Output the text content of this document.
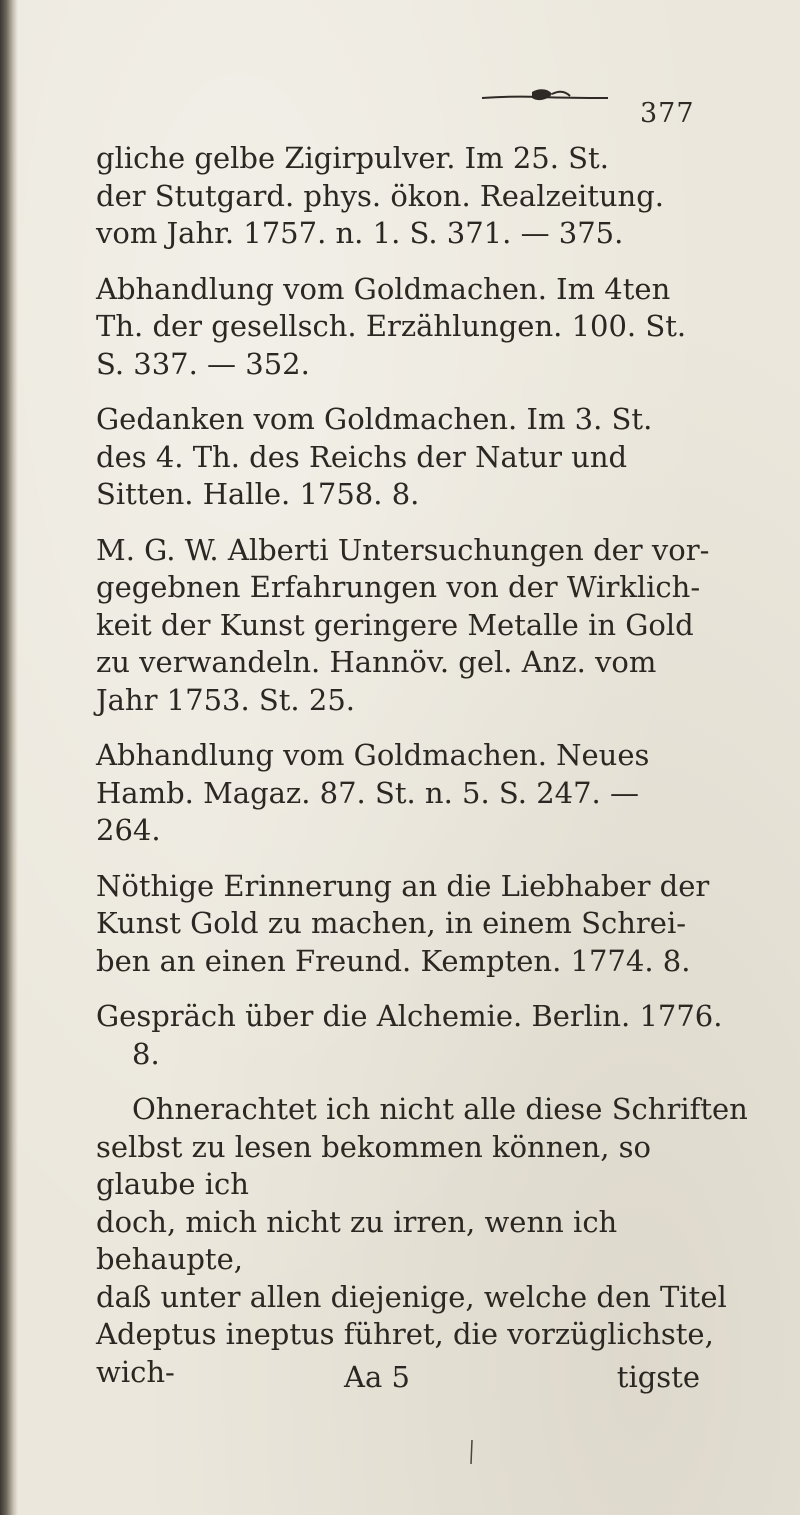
377
gliche gelbe Zigirpulver. Im 25. St.
der Stutgard. phys. ökon. Realzeitung.
vom Jahr. 1757. n. 1. S. 371. — 375.
Abhandlung vom Goldmachen. Im 4ten
Th. der gesellsch. Erzählungen. 100. St.
S. 337. — 352.
Gedanken vom Goldmachen. Im 3. St.
des 4. Th. des Reichs der Natur und
Sitten. Halle. 1758. 8.
M. G. W. Alberti Untersuchungen der vor-
gegebnen Erfahrungen von der Wirklich-
keit der Kunst geringere Metalle in Gold
zu verwandeln. Hannöv. gel. Anz. vom
Jahr 1753. St. 25.
Abhandlung vom Goldmachen. Neues
Hamb. Magaz. 87. St. n. 5. S. 247. —
264.
Nöthige Erinnerung an die Liebhaber der
Kunst Gold zu machen, in einem Schrei-
ben an einen Freund. Kempten. 1774. 8.
Gespräch über die Alchemie. Berlin. 1776. 8.
Ohnerachtet ich nicht alle diese Schriften
selbst zu lesen bekommen können, so glaube ich
doch, mich nicht zu irren, wenn ich behaupte,
daß unter allen diejenige, welche den Titel
Adeptus ineptus führet, die vorzüglichste, wich-	Aa 5	tigste
